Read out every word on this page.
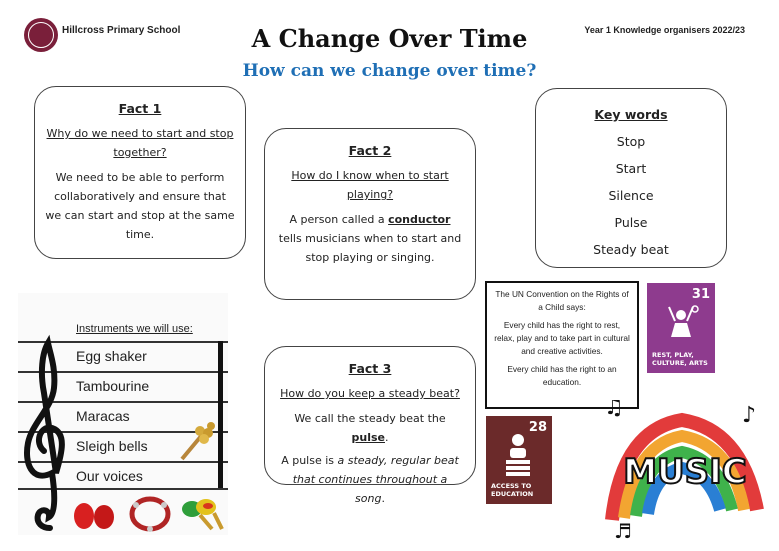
Hillcross Primary School	Year 1 Knowledge organisers 2022/23
A Change Over Time
How can we change over time?
Fact 1
Why do we need to start and stop together?

We need to be able to perform collaboratively and ensure that we can start and stop at the same time.

Fact 2
How do I know when to start playing?

A person called a conductor tells musicians when to start and stop playing or singing.

Fact 3
How do you keep a steady beat?

We call the steady beat the pulse.

A pulse is a steady, regular beat that continues throughout a song.

Key words
Stop
Start
Silence
Pulse
Steady beat
Instruments we will use:
Egg shaker
Tambourine
Maracas
Sleigh bells
Our voices

The UN Convention on the Rights of a Child says:

Every child has the right to rest, relax, play and to take part in cultural and creative activities.

Every child has the right to an education.

31
REST, PLAY, CULTURE, ARTS
28
ACCESS TO EDUCATION
♫	♪
♬
MUSIC
